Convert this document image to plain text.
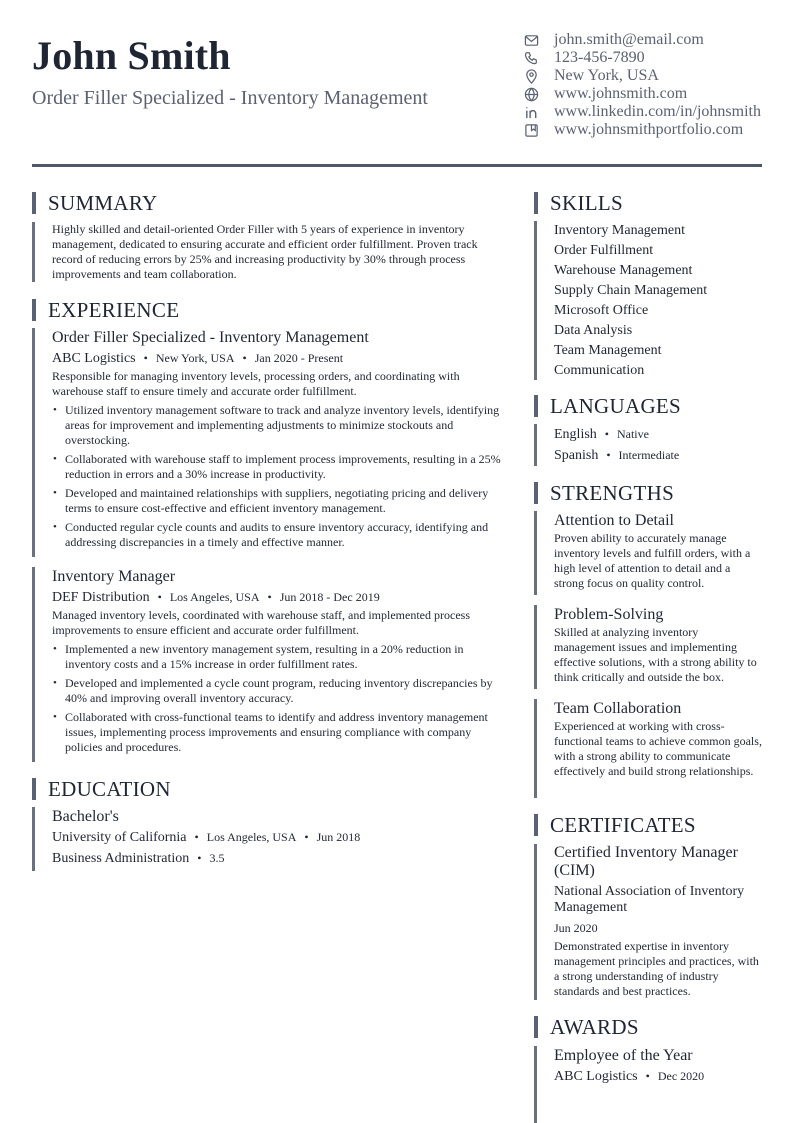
John Smith
Order Filler Specialized - Inventory Management
john.smith@email.com
123-456-7890
New York, USA
www.johnsmith.com
www.linkedin.com/in/johnsmith
www.johnsmithportfolio.com
SUMMARY
Highly skilled and detail-oriented Order Filler with 5 years of experience in inventory management, dedicated to ensuring accurate and efficient order fulfillment. Proven track record of reducing errors by 25% and increasing productivity by 30% through process improvements and team collaboration.
EXPERIENCE
Order Filler Specialized - Inventory Management
ABC Logistics • New York, USA • Jan 2020 - Present
Responsible for managing inventory levels, processing orders, and coordinating with warehouse staff to ensure timely and accurate order fulfillment.
• Utilized inventory management software to track and analyze inventory levels, identifying areas for improvement and implementing adjustments to minimize stockouts and overstocking.
• Collaborated with warehouse staff to implement process improvements, resulting in a 25% reduction in errors and a 30% increase in productivity.
• Developed and maintained relationships with suppliers, negotiating pricing and delivery terms to ensure cost-effective and efficient inventory management.
• Conducted regular cycle counts and audits to ensure inventory accuracy, identifying and addressing discrepancies in a timely and effective manner.
Inventory Manager
DEF Distribution • Los Angeles, USA • Jun 2018 - Dec 2019
Managed inventory levels, coordinated with warehouse staff, and implemented process improvements to ensure efficient and accurate order fulfillment.
• Implemented a new inventory management system, resulting in a 20% reduction in inventory costs and a 15% increase in order fulfillment rates.
• Developed and implemented a cycle count program, reducing inventory discrepancies by 40% and improving overall inventory accuracy.
• Collaborated with cross-functional teams to identify and address inventory management issues, implementing process improvements and ensuring compliance with company policies and procedures.
EDUCATION
Bachelor's
University of California • Los Angeles, USA • Jun 2018
Business Administration • 3.5
SKILLS
Inventory Management
Order Fulfillment
Warehouse Management
Supply Chain Management
Microsoft Office
Data Analysis
Team Management
Communication
LANGUAGES
English • Native
Spanish • Intermediate
STRENGTHS
Attention to Detail
Proven ability to accurately manage inventory levels and fulfill orders, with a high level of attention to detail and a strong focus on quality control.
Problem-Solving
Skilled at analyzing inventory management issues and implementing effective solutions, with a strong ability to think critically and outside the box.
Team Collaboration
Experienced at working with cross-functional teams to achieve common goals, with a strong ability to communicate effectively and build strong relationships.
CERTIFICATES
Certified Inventory Manager (CIM)
National Association of Inventory Management
Jun 2020
Demonstrated expertise in inventory management principles and practices, with a strong understanding of industry standards and best practices.
AWARDS
Employee of the Year
ABC Logistics • Dec 2020
